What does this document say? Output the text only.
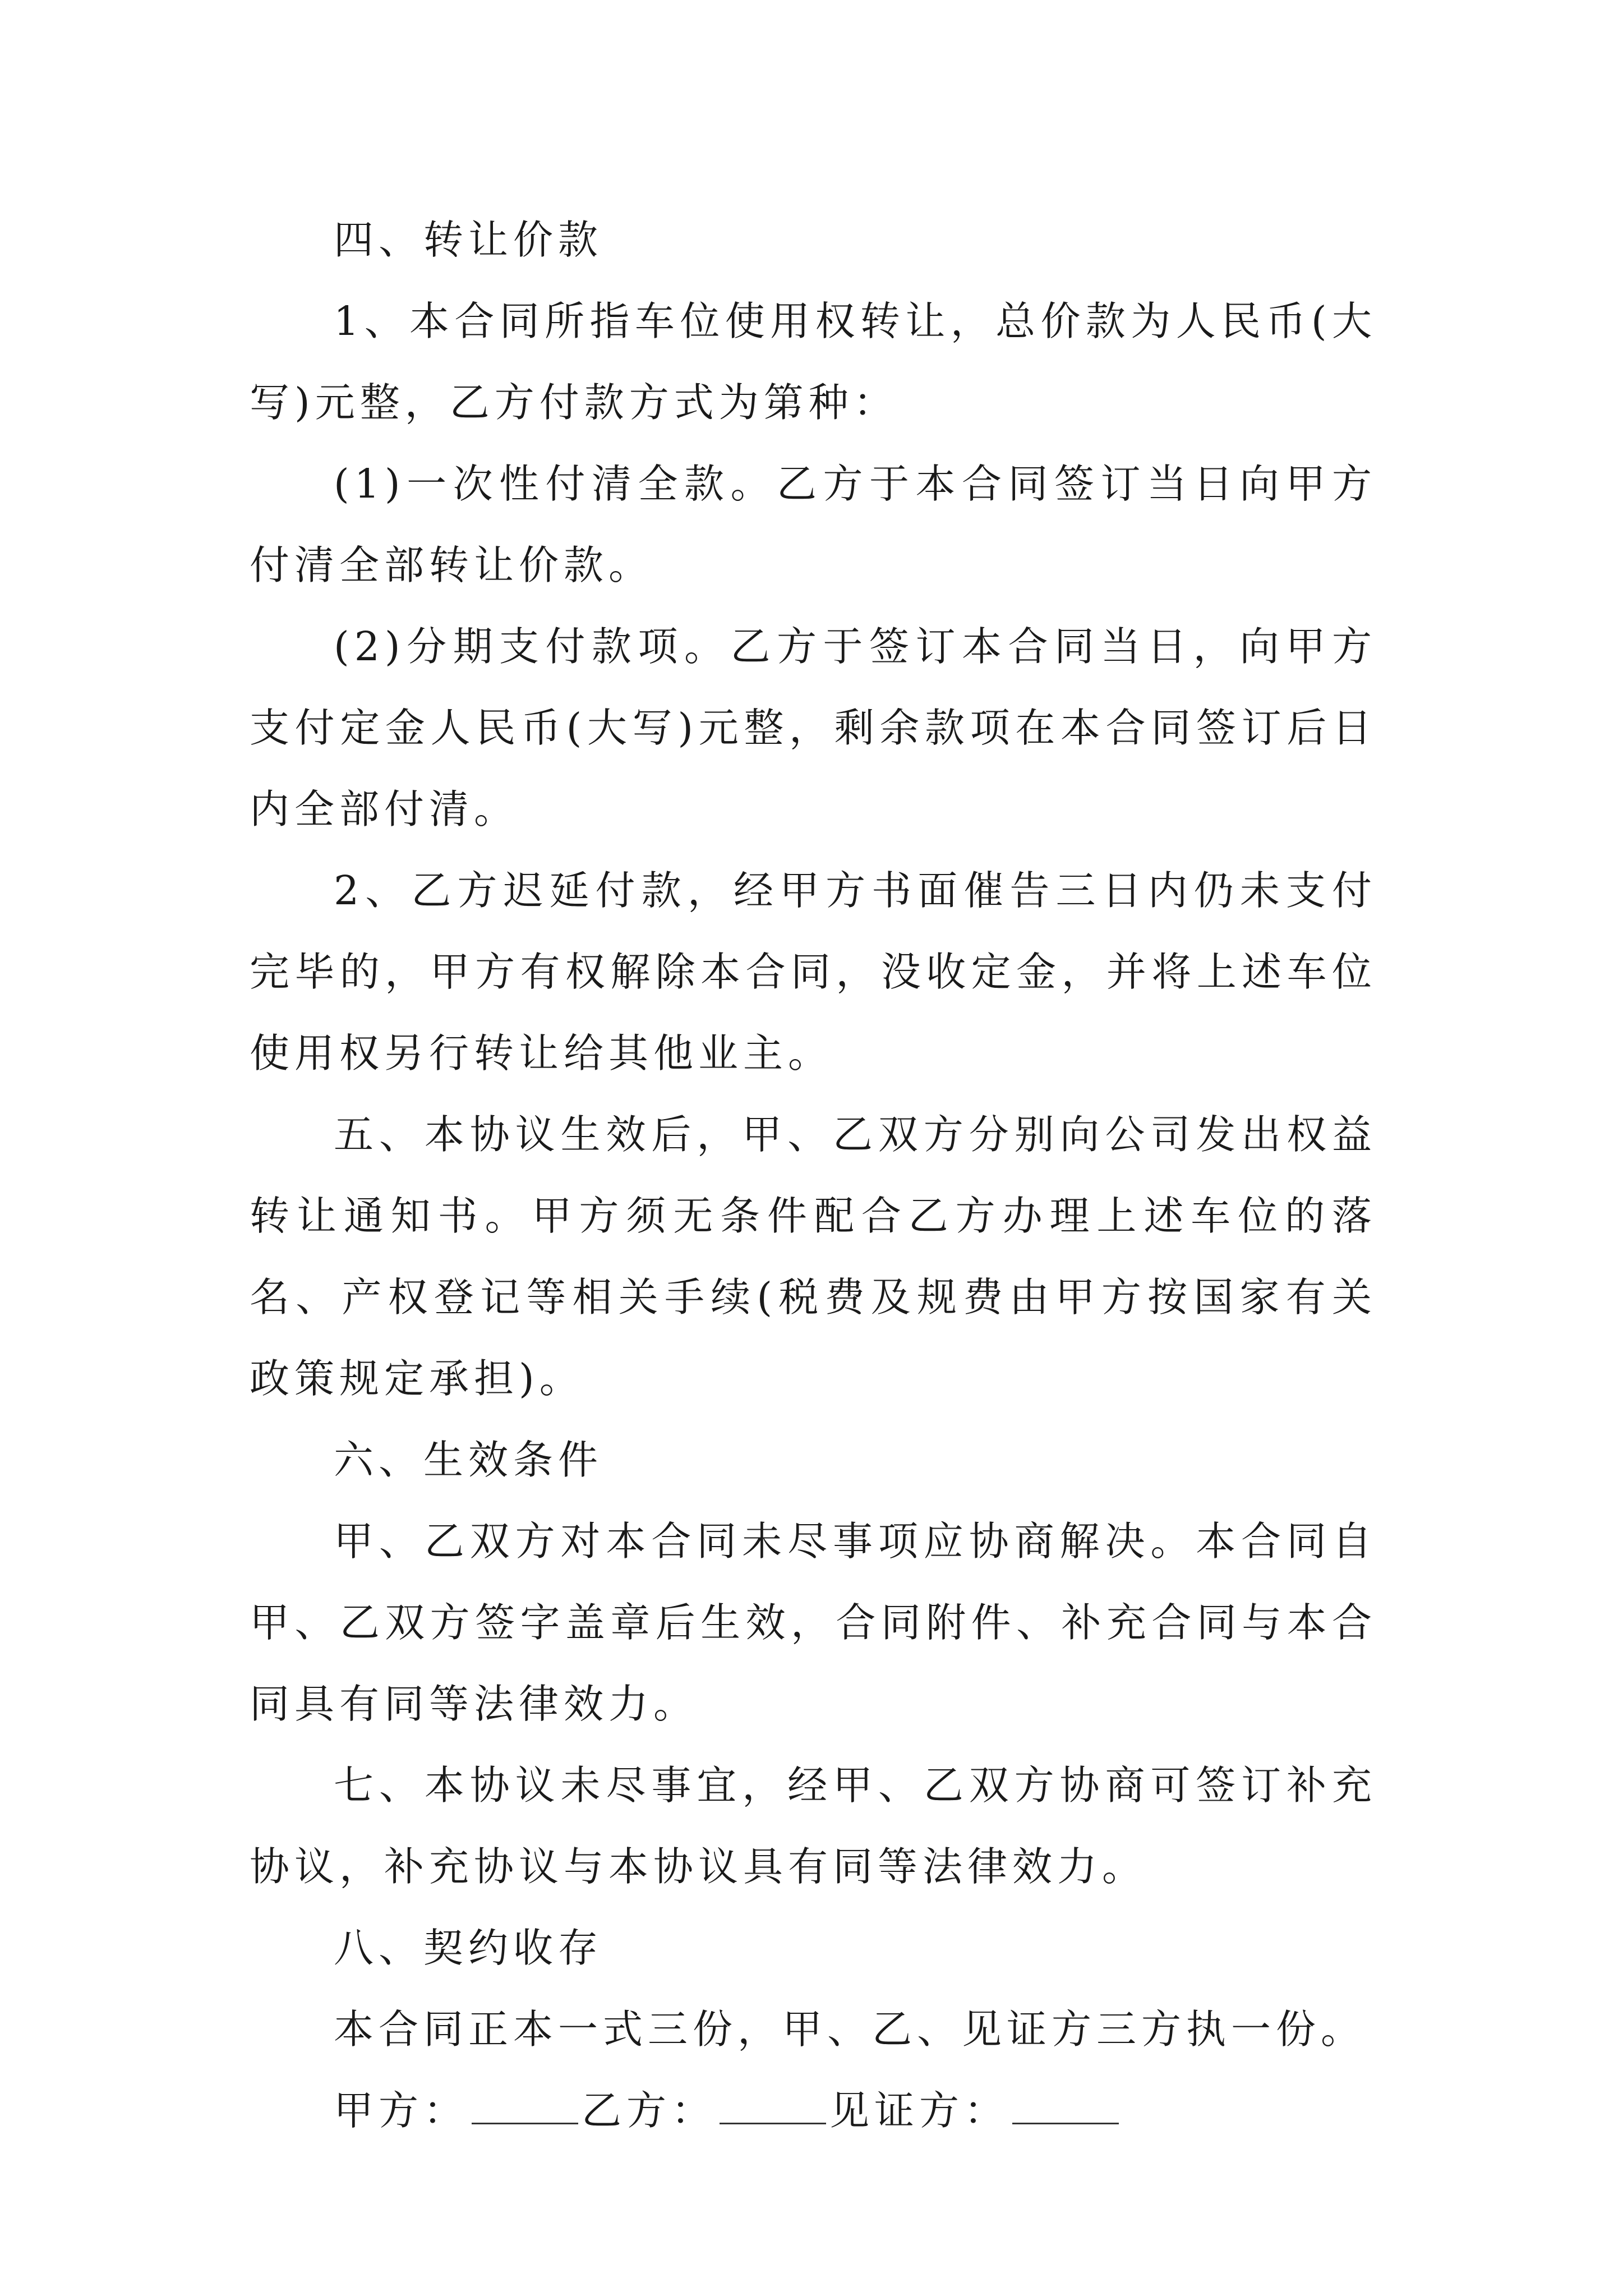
四、转让价款

1、本合同所指车位使用权转让，总价款为人民币(大写)元整，乙方付款方式为第种：

(1)一次性付清全款。乙方于本合同签订当日向甲方付清全部转让价款。

(2)分期支付款项。乙方于签订本合同当日，向甲方支付定金人民币(大写)元整，剩余款项在本合同签订后日内全部付清。

2、乙方迟延付款，经甲方书面催告三日内仍未支付完毕的，甲方有权解除本合同，没收定金，并将上述车位使用权另行转让给其他业主。

五、本协议生效后，甲、乙双方分别向公司发出权益转让通知书。甲方须无条件配合乙方办理上述车位的落名、产权登记等相关手续(税费及规费由甲方按国家有关政策规定承担)。

六、生效条件

甲、乙双方对本合同未尽事项应协商解决。本合同自甲、乙双方签字盖章后生效，合同附件、补充合同与本合同具有同等法律效力。

七、本协议未尽事宜，经甲、乙双方协商可签订补充协议，补充协议与本协议具有同等法律效力。

八、契约收存

本合同正本一式三份，甲、乙、见证方三方执一份。

甲方：	乙方：	见证方：
